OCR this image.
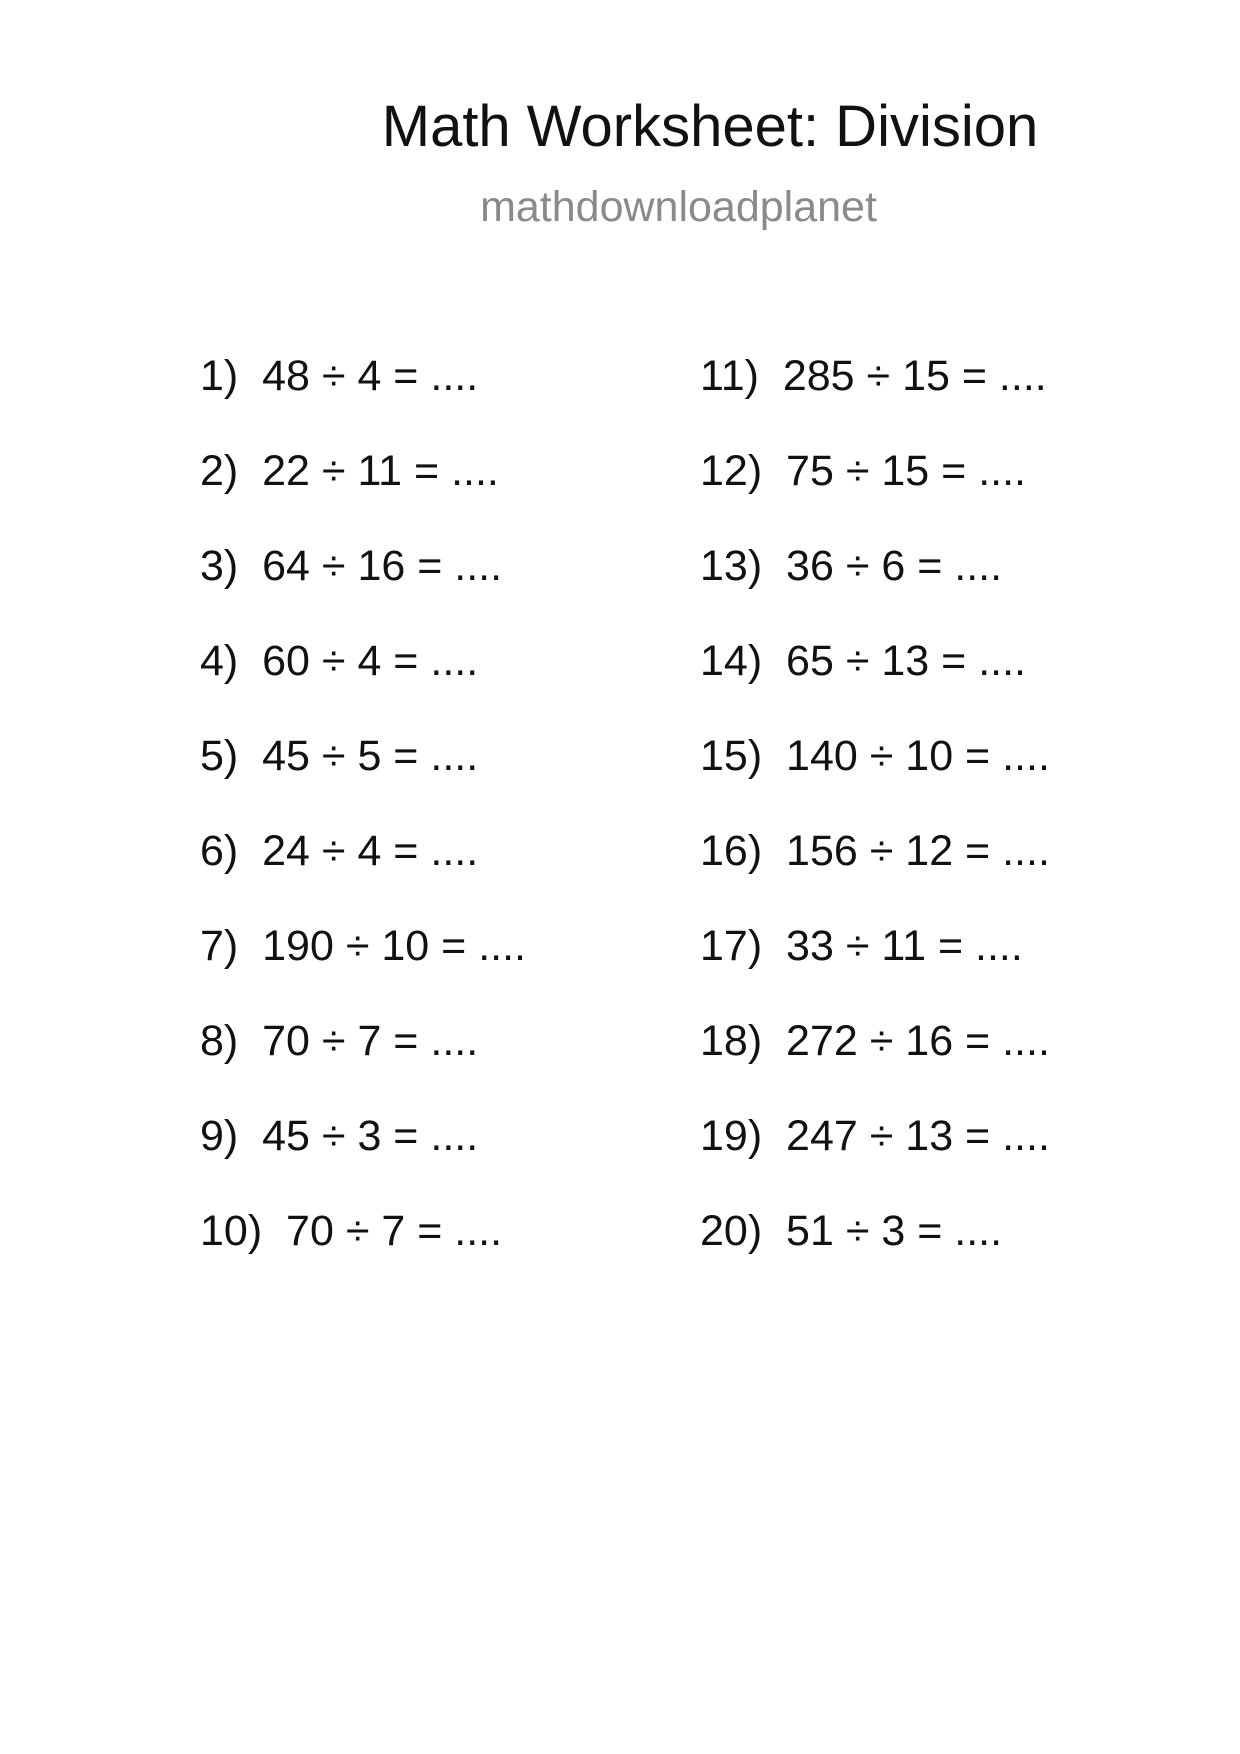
Math Worksheet: Division
mathdownloadplanet
1)  48 ÷ 4 = ....
2)  22 ÷ 11 = ....
3)  64 ÷ 16 = ....
4)  60 ÷ 4 = ....
5)  45 ÷ 5 = ....
6)  24 ÷ 4 = ....
7)  190 ÷ 10 = ....
8)  70 ÷ 7 = ....
9)  45 ÷ 3 = ....
10)  70 ÷ 7 = ....
11)  285 ÷ 15 = ....
12)  75 ÷ 15 = ....
13)  36 ÷ 6 = ....
14)  65 ÷ 13 = ....
15)  140 ÷ 10 = ....
16)  156 ÷ 12 = ....
17)  33 ÷ 11 = ....
18)  272 ÷ 16 = ....
19)  247 ÷ 13 = ....
20)  51 ÷ 3 = ....
